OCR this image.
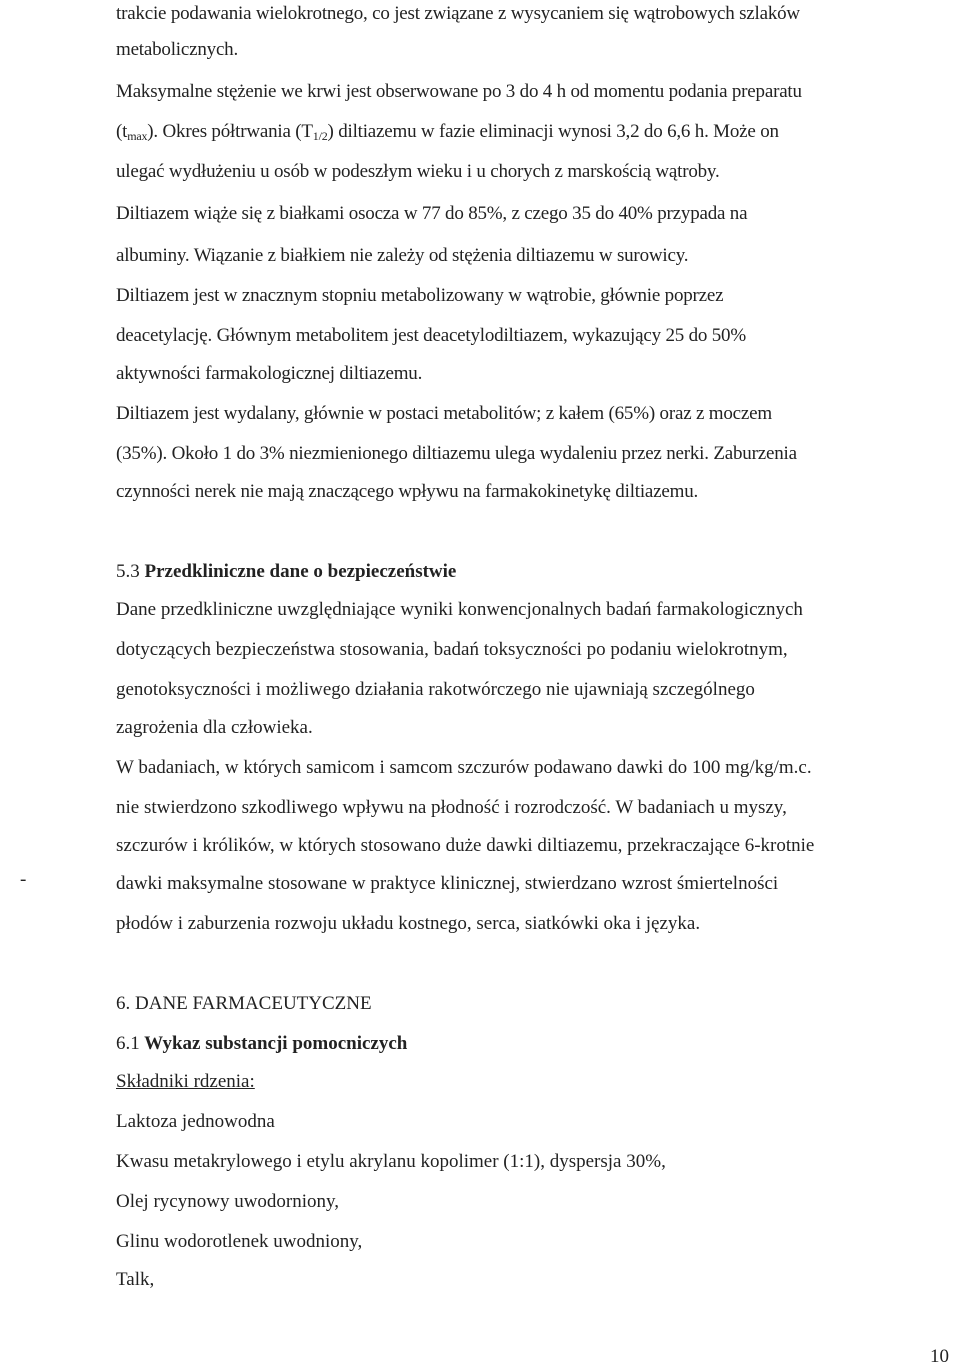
trakcie podawania wielokrotnego, co jest związane z wysycaniem się wątrobowych szlaków
metabolicznych.
Maksymalne stężenie we krwi jest obserwowane po 3 do 4 h od momentu podania preparatu
$(t_{max})$. Okres półtrwania $(T_{1/2})$ diltiazemu w fazie eliminacji wynosi 3,2 do 6,6 h. Może on
ulegać wydłużeniu u osób w podeszłym wieku i u chorych z marskością wątroby.
Diltiazem wiąże się z białkami osocza w 77 do 85%, z czego 35 do 40% przypada na
albuminy. Wiązanie z białkiem nie zależy od stężenia diltiazemu w surowicy.
Diltiazem jest w znacznym stopniu metabolizowany w wątrobie, głównie poprzez
deacetylację. Głównym metabolitem jest deacetylodiltiazem, wykazujący 25 do 50%
aktywności farmakologicznej diltiazemu.
Diltiazem jest wydalany, głównie w postaci metabolitów; z kałem (65%) oraz z moczem
(35%). Około 1 do 3% niezmienionego diltiazemu ulega wydaleniu przez nerki. Zaburzenia
czynności nerek nie mają znaczącego wpływu na farmakokinetykę diltiazemu.
5.3 Przedkliniczne dane o bezpieczeństwie
Dane przedkliniczne uwzględniające wyniki konwencjonalnych badań farmakologicznych
dotyczących bezpieczeństwa stosowania, badań toksyczności po podaniu wielokrotnym,
genotoksyczności i możliwego działania rakotwórczego nie ujawniają szczególnego
zagrożenia dla człowieka.
W badaniach, w których samicom i samcom szczurów podawano dawki do 100 mg/kg/m.c.
nie stwierdzono szkodliwego wpływu na płodność i rozrodczość. W badaniach u myszy,
szczurów i królików, w których stosowano duże dawki diltiazemu, przekraczające 6-krotnie
dawki maksymalne stosowane w praktyce klinicznej, stwierdzano wzrost śmiertelności
płodów i zaburzenia rozwoju układu kostnego, serca, siatkówki oka i języka.
-
6. DANE FARMACEUTYCZNE
6.1 Wykaz substancji pomocniczych
Składniki rdzenia:
Laktoza jednowodna
Kwasu metakrylowego i etylu akrylanu kopolimer (1:1), dyspersja 30%,
Olej rycynowy uwodorniony,
Glinu wodorotlenek uwodniony,
Talk,
10
